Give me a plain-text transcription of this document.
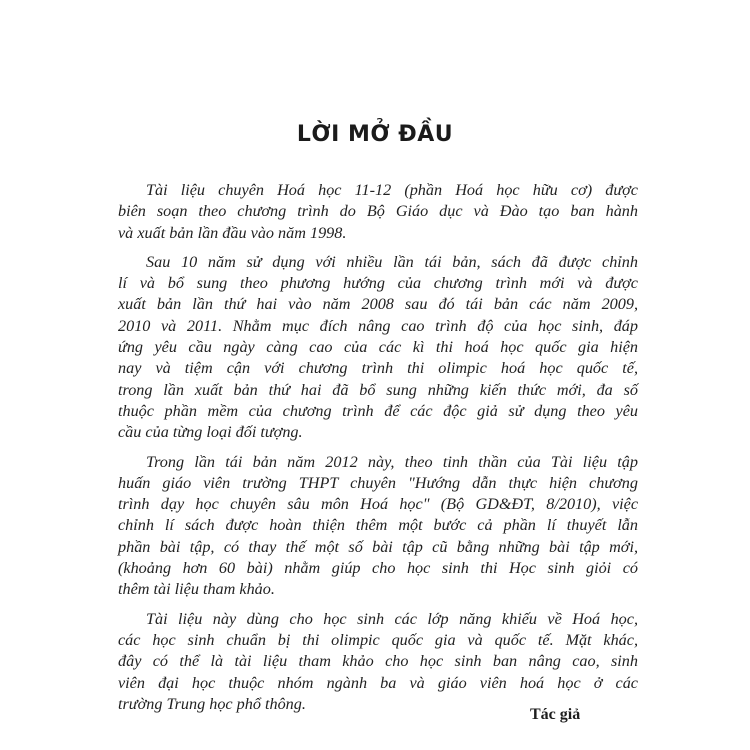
LỜI MỞ ĐẦU

Tài liệu chuyên Hoá học 11-12 (phần Hoá học hữu cơ) được
biên soạn theo chương trình do Bộ Giáo dục và Đào tạo ban hành
và xuất bản lần đầu vào năm 1998.

Sau 10 năm sử dụng với nhiều lần tái bản, sách đã được chỉnh
lí và bổ sung theo phương hướng của chương trình mới và được
xuất bản lần thứ hai vào năm 2008 sau đó tái bản các năm 2009,
2010 và 2011. Nhằm mục đích nâng cao trình độ của học sinh, đáp
ứng yêu cầu ngày càng cao của các kì thi hoá học quốc gia hiện
nay và tiệm cận với chương trình thi olimpic hoá học quốc tế,
trong lần xuất bản thứ hai đã bổ sung những kiến thức mới, đa số
thuộc phần mềm của chương trình để các độc giả sử dụng theo yêu
cầu của từng loại đối tượng.

Trong lần tái bản năm 2012 này, theo tinh thần của Tài liệu tập
huấn giáo viên trường THPT chuyên "Hướng dẫn thực hiện chương
trình dạy học chuyên sâu môn Hoá học" (Bộ GD&ĐT, 8/2010), việc
chỉnh lí sách được hoàn thiện thêm một bước cả phần lí thuyết lẫn
phần bài tập, có thay thế một số bài tập cũ bằng những bài tập mới,
(khoảng hơn 60 bài) nhằm giúp cho học sinh thi Học sinh giỏi có
thêm tài liệu tham khảo.

Tài liệu này dùng cho học sinh các lớp năng khiếu về Hoá học,
các học sinh chuẩn bị thi olimpic quốc gia và quốc tế. Mặt khác,
đây có thể là tài liệu tham khảo cho học sinh ban nâng cao, sinh
viên đại học thuộc nhóm ngành ba và giáo viên hoá học ở các
trường Trung học phổ thông.

Tác giả
